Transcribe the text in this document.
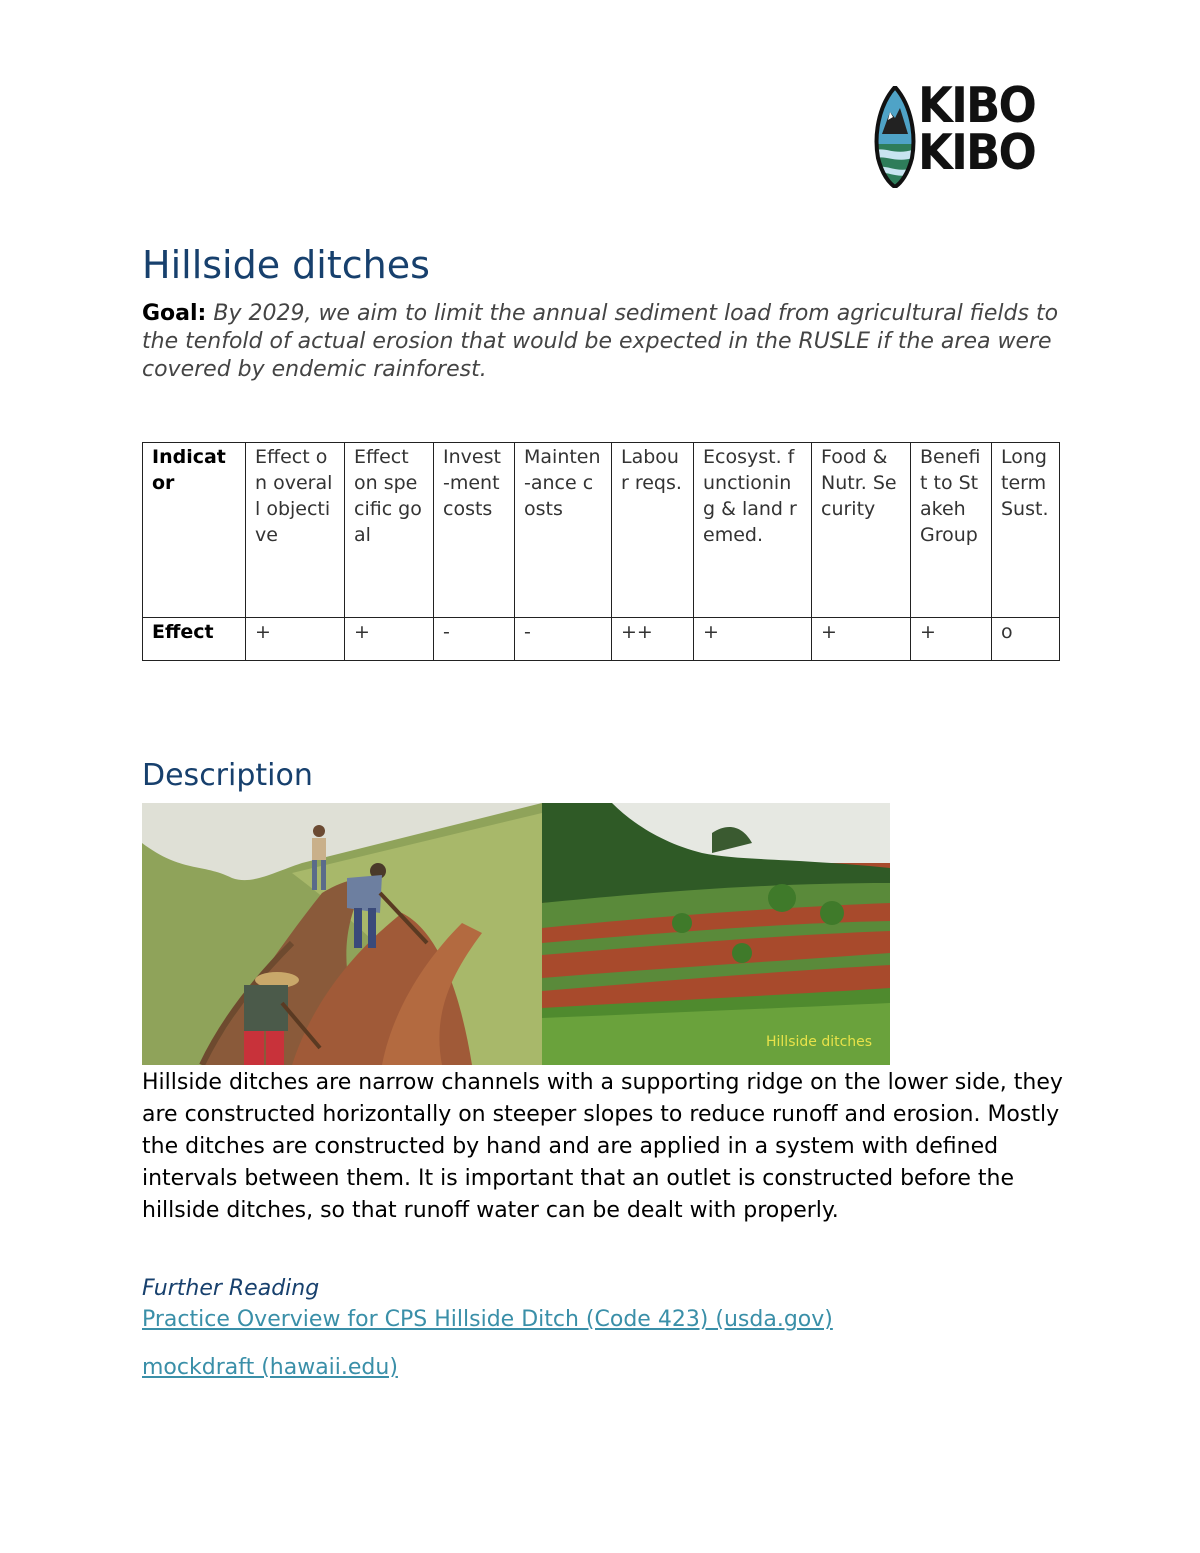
KIBO
KIBO
Hillside ditches

Goal: By 2029, we aim to limit the annual sediment load from agricultural fields to the tenfold of actual erosion that would be expected in the RUSLE if the area were covered by endemic rainforest.

Indicator	Effect on overall objective	Effect on specific goal	Invest-ment costs	Mainten-ance costs	Labour reqs.	Ecosyst. functioning & land remed.	Food & Nutr. Security	Benefit to Stakeh Group	Long term Sust.
Effect	+	+	-	-	++	+	+	+	o
Description
Hillside ditches

Hillside ditches are narrow channels with a supporting ridge on the lower side, they are constructed horizontally on steeper slopes to reduce runoff and erosion. Mostly the ditches are constructed by hand and are applied in a system with defined intervals between them. It is important that an outlet is constructed before the hillside ditches, so that runoff water can be dealt with properly.

Further Reading

Practice Overview for CPS Hillside Ditch (Code 423) (usda.gov)
mockdraft (hawaii.edu)
